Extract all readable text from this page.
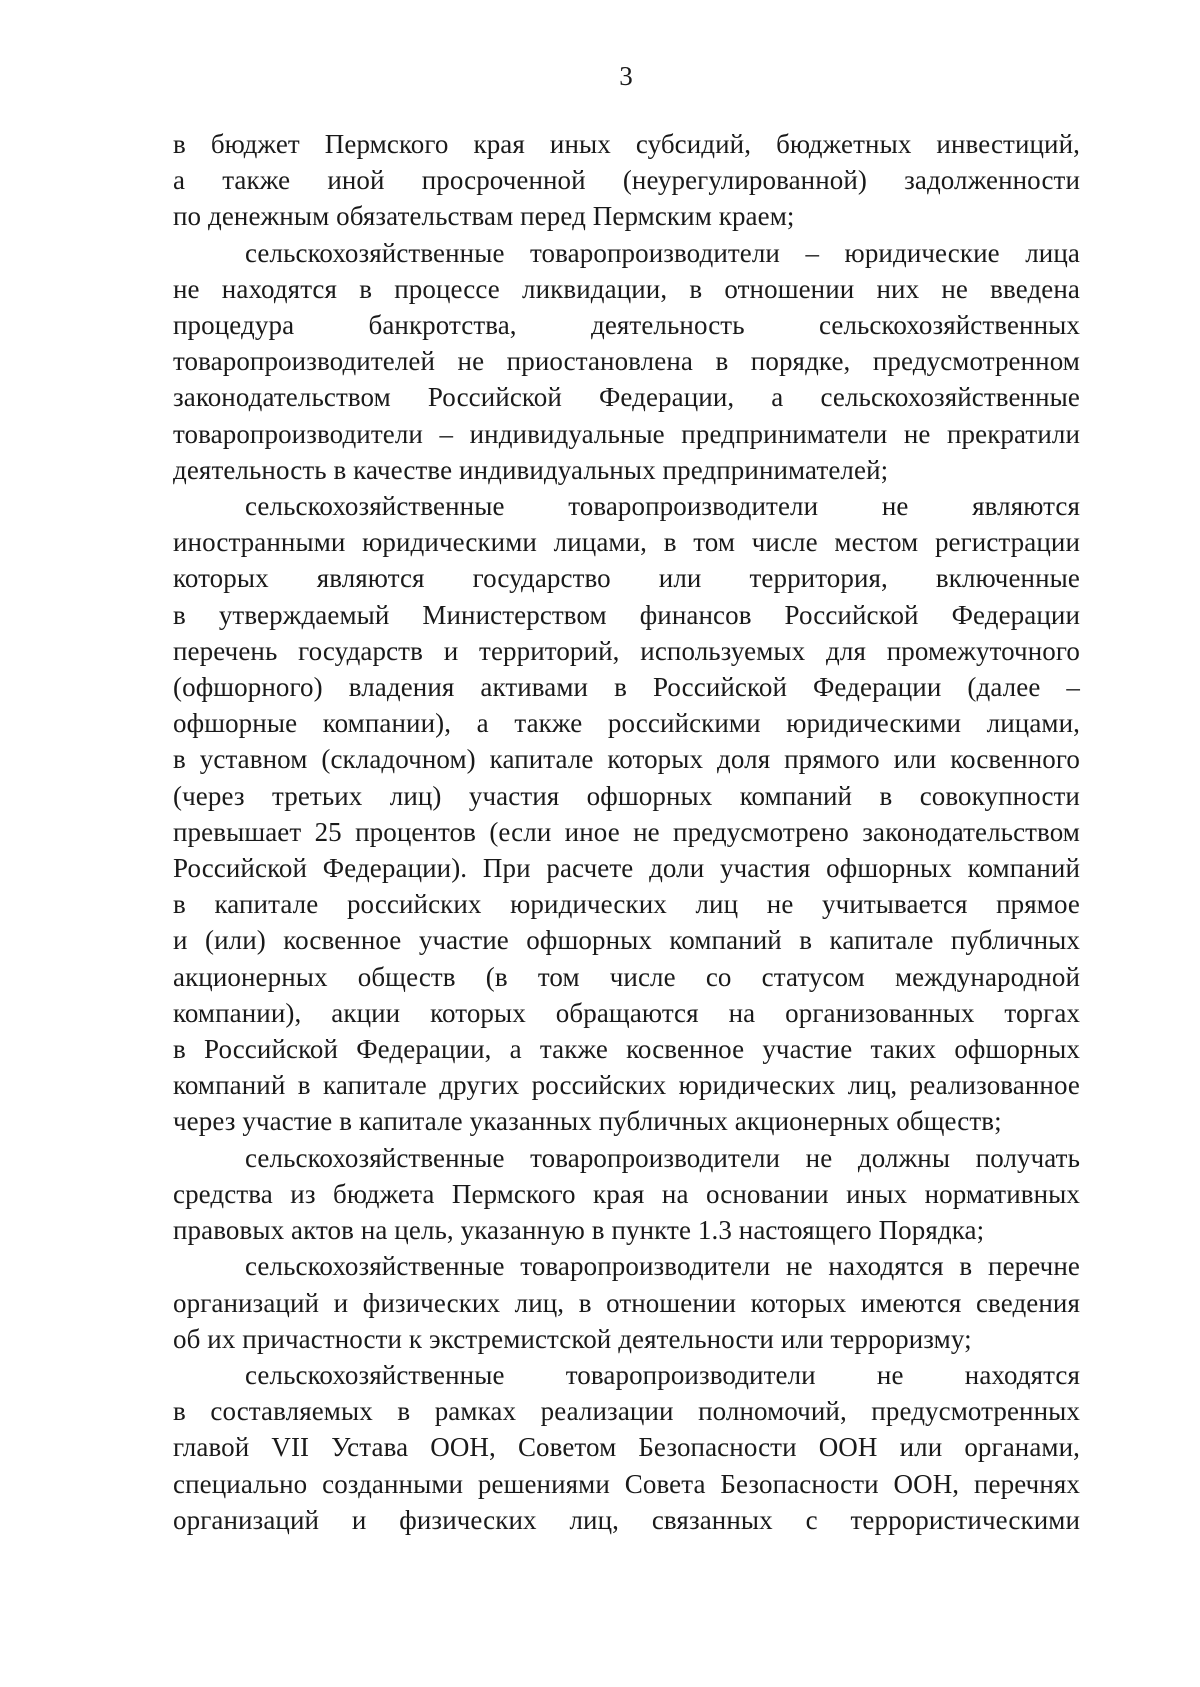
3
в бюджет Пермского края иных субсидий, бюджетных инвестиций,
а также иной просроченной (неурегулированной) задолженности
по денежным обязательствам перед Пермским краем;
сельскохозяйственные товаропроизводители – юридические лица
не находятся в процессе ликвидации, в отношении них не введена
процедура банкротства, деятельность сельскохозяйственных
товаропроизводителей не приостановлена в порядке, предусмотренном
законодательством Российской Федерации, а сельскохозяйственные
товаропроизводители – индивидуальные предприниматели не прекратили
деятельность в качестве индивидуальных предпринимателей;
сельскохозяйственные товаропроизводители не являются
иностранными юридическими лицами, в том числе местом регистрации
которых являются государство или территория, включенные
в утверждаемый Министерством финансов Российской Федерации
перечень государств и территорий, используемых для промежуточного
(офшорного) владения активами в Российской Федерации (далее –
офшорные компании), а также российскими юридическими лицами,
в уставном (складочном) капитале которых доля прямого или косвенного
(через третьих лиц) участия офшорных компаний в совокупности
превышает 25 процентов (если иное не предусмотрено законодательством
Российской Федерации). При расчете доли участия офшорных компаний
в капитале российских юридических лиц не учитывается прямое
и (или) косвенное участие офшорных компаний в капитале публичных
акционерных обществ (в том числе со статусом международной
компании), акции которых обращаются на организованных торгах
в Российской Федерации, а также косвенное участие таких офшорных
компаний в капитале других российских юридических лиц, реализованное
через участие в капитале указанных публичных акционерных обществ;
сельскохозяйственные товаропроизводители не должны получать
средства из бюджета Пермского края на основании иных нормативных
правовых актов на цель, указанную в пункте 1.3 настоящего Порядка;
сельскохозяйственные товаропроизводители не находятся в перечне
организаций и физических лиц, в отношении которых имеются сведения
об их причастности к экстремистской деятельности или терроризму;
сельскохозяйственные товаропроизводители не находятся
в составляемых в рамках реализации полномочий, предусмотренных
главой VII Устава ООН, Советом Безопасности ООН или органами,
специально созданными решениями Совета Безопасности ООН, перечнях
организаций и физических лиц, связанных с террористическими
